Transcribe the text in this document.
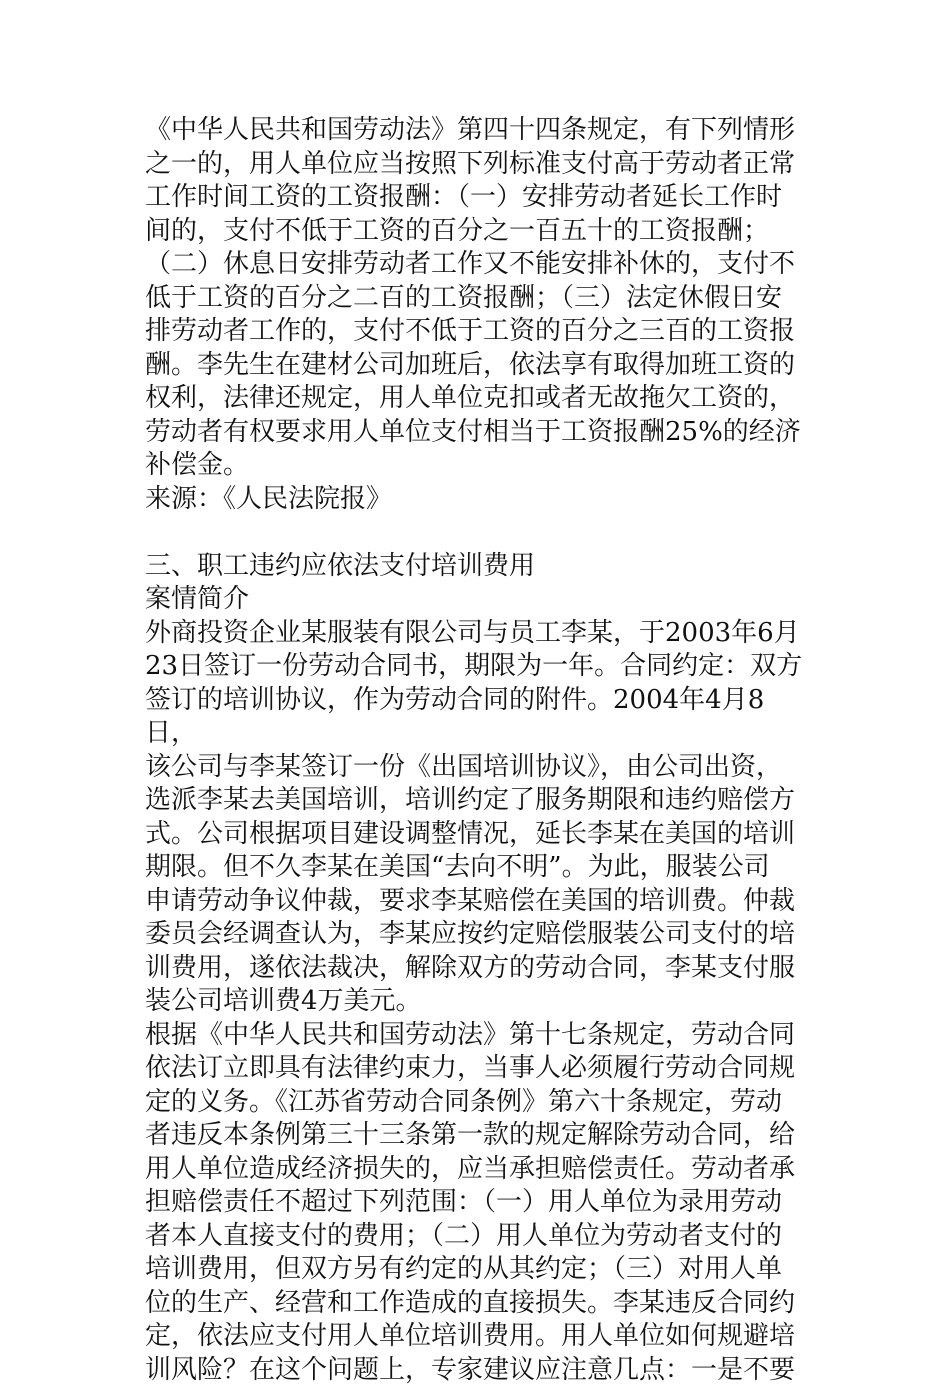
《中华人民共和国劳动法》第四十四条规定，有下列情形
之一的，用人单位应当按照下列标准支付高于劳动者正常
工作时间工资的工资报酬：（一）安排劳动者延长工作时
间的，支付不低于工资的百分之一百五十的工资报酬；
（二）休息日安排劳动者工作又不能安排补休的，支付不
低于工资的百分之二百的工资报酬；（三）法定休假日安
排劳动者工作的，支付不低于工资的百分之三百的工资报
酬。李先生在建材公司加班后，依法享有取得加班工资的
权利，法律还规定，用人单位克扣或者无故拖欠工资的，
劳动者有权要求用人单位支付相当于工资报酬25%的经济
补偿金。

来源：《人民法院报》

三、职工违约应依法支付培训费用

案情简介

外商投资企业某服装有限公司与员工李某，于2003年6月
23日签订一份劳动合同书，期限为一年。合同约定：双方
签订的培训协议，作为劳动合同的附件。2004年4月8日，
该公司与李某签订一份《出国培训协议》，由公司出资，
选派李某去美国培训，培训约定了服务期限和违约赔偿方
式。公司根据项目建设调整情况，延长李某在美国的培训
期限。但不久李某在美国“去向不明”。为此，服装公司
申请劳动争议仲裁，要求李某赔偿在美国的培训费。仲裁
委员会经调查认为，李某应按约定赔偿服装公司支付的培
训费用，遂依法裁决，解除双方的劳动合同，李某支付服
装公司培训费4万美元。

根据《中华人民共和国劳动法》第十七条规定，劳动合同
依法订立即具有法律约束力，当事人必须履行劳动合同规
定的义务。《江苏省劳动合同条例》第六十条规定，劳动
者违反本条例第三十三条第一款的规定解除劳动合同，给
用人单位造成经济损失的，应当承担赔偿责任。劳动者承
担赔偿责任不超过下列范围：（一）用人单位为录用劳动
者本人直接支付的费用；（二）用人单位为劳动者支付的
培训费用，但双方另有约定的从其约定；（三）对用人单
位的生产、经营和工作造成的直接损失。李某违反合同约
定，依法应支付用人单位培训费用。用人单位如何规避培
训风险？在这个问题上，专家建议应注意几点：一是不要
